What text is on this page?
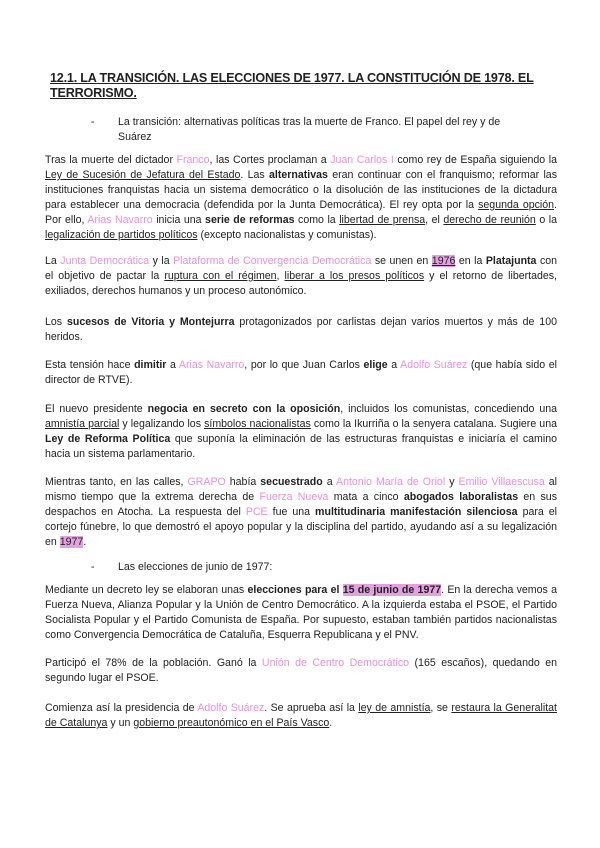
12.1. LA TRANSICIÓN. LAS ELECCIONES DE 1977. LA CONSTITUCIÓN DE 1978. EL TERRORISMO.
- La transición: alternativas políticas tras la muerte de Franco. El papel del rey y de Suárez

Tras la muerte del dictador Franco, las Cortes proclaman a Juan Carlos I como rey de España siguiendo la Ley de Sucesión de Jefatura del Estado. Las alternativas eran continuar con el franquismo; reformar las instituciones franquistas hacia un sistema democrático o la disolución de las instituciones de la dictadura para establecer una democracia (defendida por la Junta Democrática). El rey opta por la segunda opción. Por ello, Arias Navarro inicia una serie de reformas como la libertad de prensa, el derecho de reunión o la legalización de partidos políticos (excepto nacionalistas y comunistas).

La Junta Democrática y la Plataforma de Convergencia Democrática se unen en 1976 en la Platajunta con el objetivo de pactar la ruptura con el régimen, liberar a los presos políticos y el retorno de libertades, exiliados, derechos humanos y un proceso autonómico.

Los sucesos de Vitoria y Montejurra protagonizados por carlistas dejan varios muertos y más de 100 heridos.

Esta tensión hace dimitir a Arias Navarro, por lo que Juan Carlos elige a Adolfo Suárez (que había sido el director de RTVE).

El nuevo presidente negocia en secreto con la oposición, incluidos los comunistas, concediendo una amnistía parcial y legalizando los símbolos nacionalistas como la Ikurriña o la senyera catalana. Sugiere una Ley de Reforma Política que suponía la eliminación de las estructuras franquistas e iniciaría el camino hacia un sistema parlamentario.

Mientras tanto, en las calles, GRAPO había secuestrado a Antonio María de Oriol y Emilio Villaescusa al mismo tiempo que la extrema derecha de Fuerza Nueva mata a cinco abogados laboralistas en sus despachos en Atocha. La respuesta del PCE fue una multitudinaria manifestación silenciosa para el cortejo fúnebre, lo que demostró el apoyo popular y la disciplina del partido, ayudando así a su legalización en 1977.

- Las elecciones de junio de 1977:

Mediante un decreto ley se elaboran unas elecciones para el 15 de junio de 1977. En la derecha vemos a Fuerza Nueva, Alianza Popular y la Unión de Centro Democrático. A la izquierda estaba el PSOE, el Partido Socialista Popular y el Partido Comunista de España. Por supuesto, estaban también partidos nacionalistas como Convergencia Democrática de Cataluña, Esquerra Republicana y el PNV.

Participó el 78% de la población. Ganó la Unión de Centro Democrático (165 escaños), quedando en segundo lugar el PSOE.

Comienza así la presidencia de Adolfo Suárez. Se aprueba así la ley de amnistía, se restaura la Generalitat de Catalunya y un gobierno preautonómico en el País Vasco.
